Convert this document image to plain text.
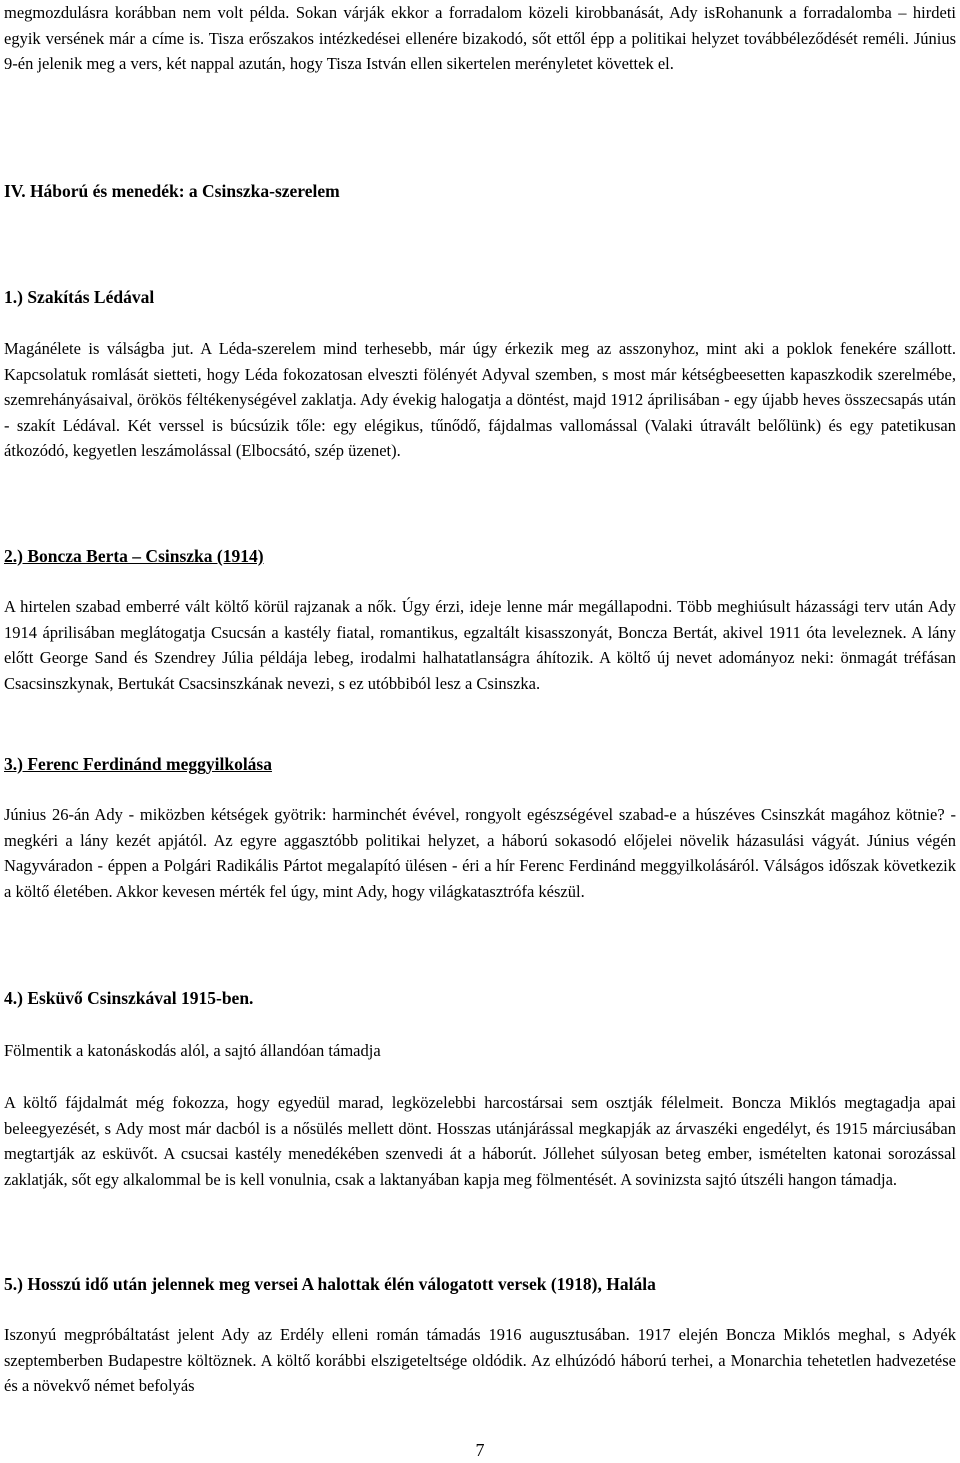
megmozdulásra korábban nem volt példa. Sokan várják ekkor a forradalom közeli kirobbanását, Ady isRohanunk a forradalomba – hirdeti egyik versének már a címe is. Tisza erőszakos intézkedései ellenére bizakodó, sőt ettől épp a politikai helyzet továbbéleződését reméli. Június 9-én jelenik meg a vers, két nappal azután, hogy Tisza István ellen sikertelen merényletet követtek el.

IV. Háború és menedék: a Csinszka-szerelem

1.) Szakítás Lédával

Magánélete is válságba jut. A Léda-szerelem mind terhesebb, már úgy érkezik meg az asszonyhoz, mint aki a poklok fenekére szállott. Kapcsolatuk romlását sietteti, hogy Léda fokozatosan elveszti fölényét Adyval szemben, s most már kétségbeesetten kapaszkodik szerelmébe, szemrehányásaival, örökös féltékenységével zaklatja. Ady évekig halogatja a döntést, majd 1912 áprilisában - egy újabb heves összecsapás után - szakít Lédával. Két verssel is búcsúzik tőle: egy elégikus, tűnődő, fájdalmas vallomással (Valaki útravált belőlünk) és egy patetikusan átkozódó, kegyetlen leszámolással (Elbocsátó, szép üzenet).

2.) Boncza Berta – Csinszka (1914)

A hirtelen szabad emberré vált költő körül rajzanak a nők. Úgy érzi, ideje lenne már megállapodni. Több meghiúsult házassági terv után Ady 1914 áprilisában meglátogatja Csucsán a kastély fiatal, romantikus, egzaltált kisasszonyát, Boncza Bertát, akivel 1911 óta leveleznek. A lány előtt George Sand és Szendrey Júlia példája lebeg, irodalmi halhatatlanságra áhítozik. A költő új nevet adományoz neki: önmagát tréfásan Csacsinszkynak, Bertukát Csacsinszkának nevezi, s ez utóbbiból lesz a Csinszka.

3.) Ferenc Ferdinánd meggyilkolása

Június 26-án Ady - miközben kétségek gyötrik: harminchét évével, rongyolt egészségével szabad-e a húszéves Csinszkát magához kötnie? - megkéri a lány kezét apjától. Az egyre aggasztóbb politikai helyzet, a háború sokasodó előjelei növelik házasulási vágyát. Június végén Nagyváradon - éppen a Polgári Radikális Pártot megalapító ülésen - éri a hír Ferenc Ferdinánd meggyilkolásáról. Válságos időszak következik a költő életében. Akkor kevesen mérték fel úgy, mint Ady, hogy világkatasztrófa készül.

4.) Esküvő Csinszkával 1915-ben.

Fölmentik a katonáskodás alól, a sajtó állandóan támadja

A költő fájdalmát még fokozza, hogy egyedül marad, legközelebbi harcostársai sem osztják félelmeit. Boncza Miklós megtagadja apai beleegyezését, s Ady most már dacból is a nősülés mellett dönt. Hosszas utánjárással megkapják az árvaszéki engedélyt, és 1915 márciusában megtartják az esküvőt. A csucsai kastély menedékében szenvedi át a háborút. Jóllehet súlyosan beteg ember, ismételten katonai sorozással zaklatják, sőt egy alkalommal be is kell vonulnia, csak a laktanyában kapja meg fölmentését. A sovinizsta sajtó útszéli hangon támadja.

5.) Hosszú idő után jelennek meg versei A halottak élén válogatott versek (1918), Halála

Iszonyú megpróbáltatást jelent Ady az Erdély elleni román támadás 1916 augusztusában. 1917 elején Boncza Miklós meghal, s Adyék szeptemberben Budapestre költöznek. A költő korábbi elszigeteltsége oldódik. Az elhúzódó háború terhei, a Monarchia tehetetlen hadvezetése és a növekvő német befolyás

7
